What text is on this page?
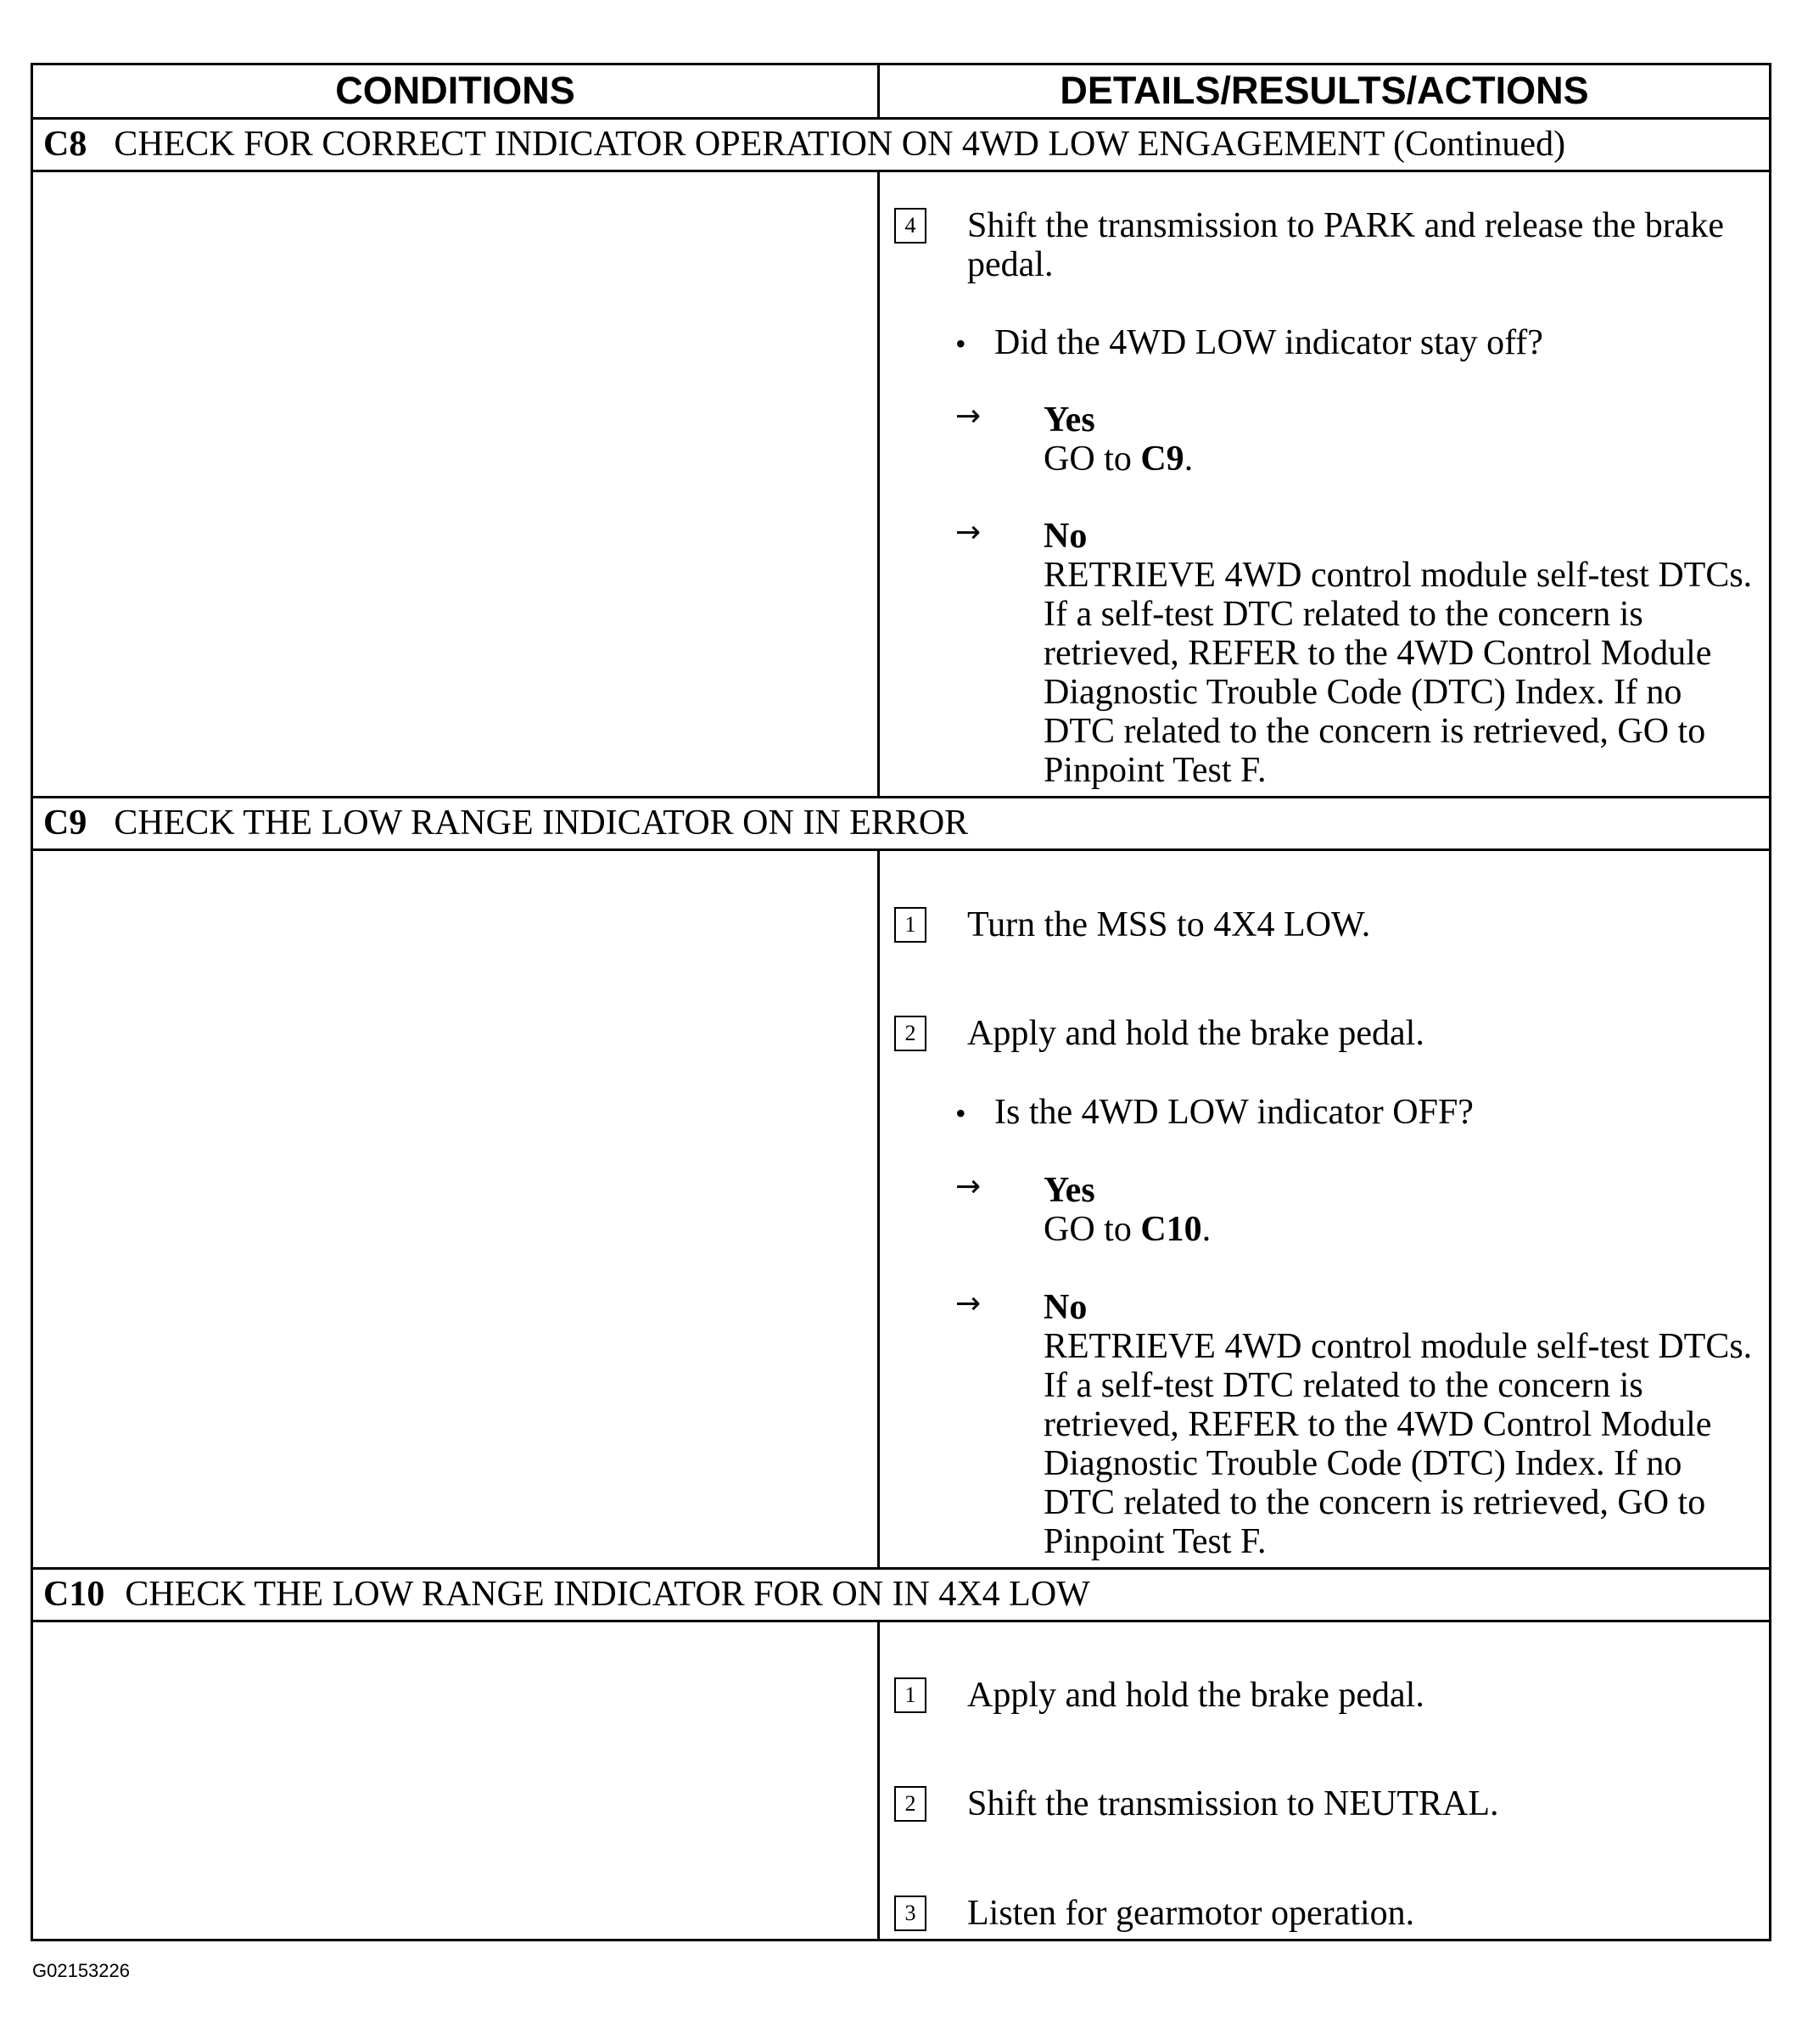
CONDITIONS	DETAILS/RESULTS/ACTIONS
C8 CHECK FOR CORRECT INDICATOR OPERATION ON 4WD LOW ENGAGEMENT (Continued)
4 Shift the transmission to PARK and release the brake pedal.
• Did the 4WD LOW indicator stay off?
→ Yes
GO to C9.
→ No
RETRIEVE 4WD control module self-test DTCs. If a self-test DTC related to the concern is retrieved, REFER to the 4WD Control Module Diagnostic Trouble Code (DTC) Index. If no DTC related to the concern is retrieved, GO to Pinpoint Test F.
C9 CHECK THE LOW RANGE INDICATOR ON IN ERROR
1 Turn the MSS to 4X4 LOW.
2 Apply and hold the brake pedal.
• Is the 4WD LOW indicator OFF?
→ Yes
GO to C10.
→ No
RETRIEVE 4WD control module self-test DTCs. If a self-test DTC related to the concern is retrieved, REFER to the 4WD Control Module Diagnostic Trouble Code (DTC) Index. If no DTC related to the concern is retrieved, GO to Pinpoint Test F.
C10 CHECK THE LOW RANGE INDICATOR FOR ON IN 4X4 LOW
1 Apply and hold the brake pedal.
2 Shift the transmission to NEUTRAL.
3 Listen for gearmotor operation.
G02153226
